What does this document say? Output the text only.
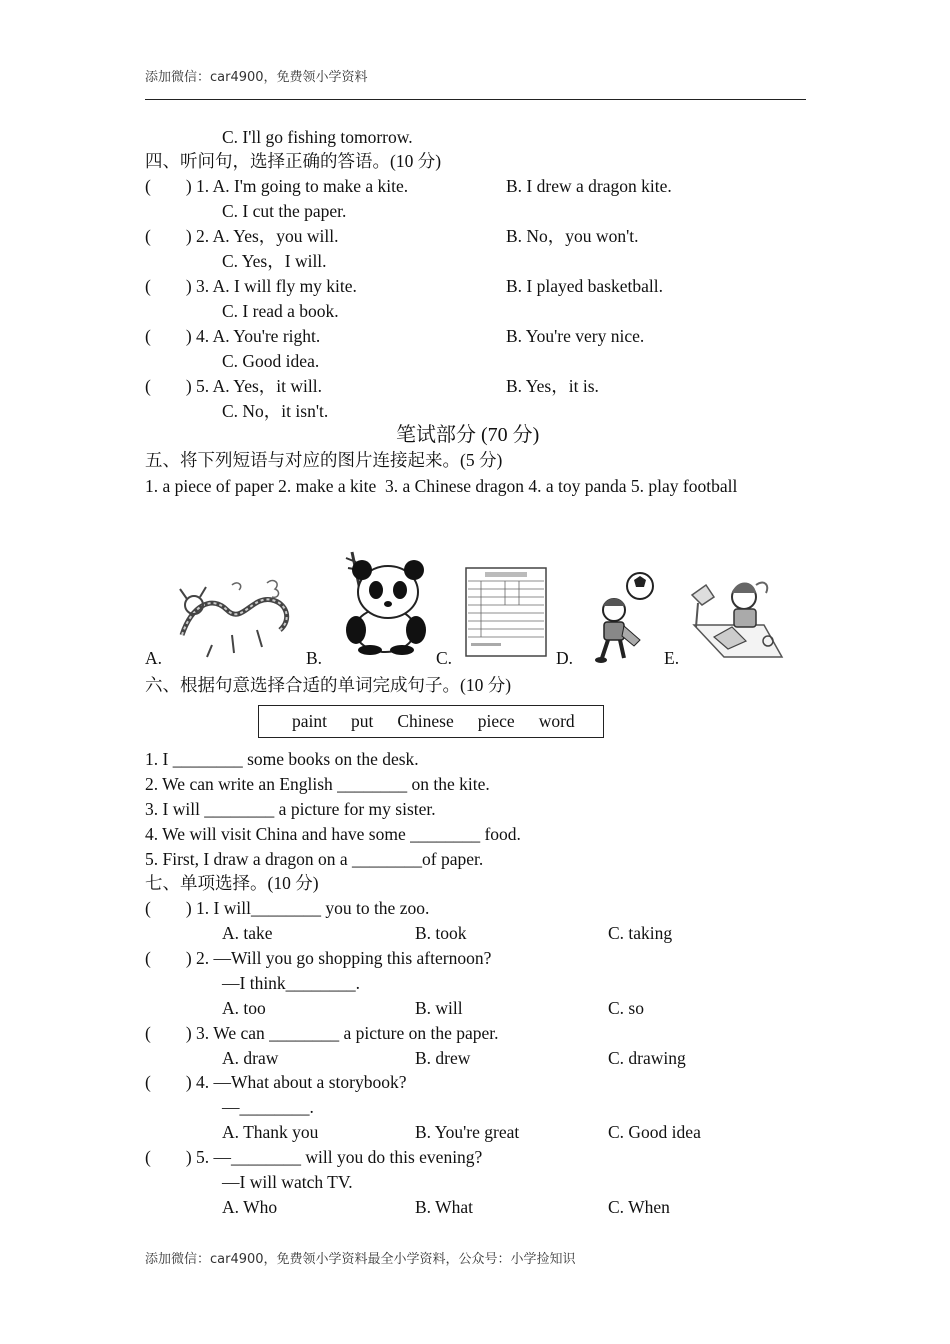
添加微信：car4900，免费领小学资料
C. I'll go fishing tomorrow.
四、听问句，选择正确的答语。(10 分)
(        ) 1. A. I'm going to make a kite.	B. I drew a dragon kite.
C. I cut the paper.
(        ) 2. A. Yes，you will.	B. No，you won't.
C. Yes，I will.
(        ) 3. A. I will fly my kite.	B. I played basketball.
C. I read a book.
(        ) 4. A. You're right.	B. You're very nice.
C. Good idea.
(        ) 5. A. Yes，it will.	B. Yes，it is.
C. No，it isn't.
笔试部分 (70 分)
五、将下列短语与对应的图片连接起来。(5 分)
1. a piece of paper 2. make a kite  3. a Chinese dragon 4. a toy panda 5. play football
A.	B.	C.	D.	E.
六、根据句意选择合适的单词完成句子。(10 分)
paint put Chinese piece word
1. I ________ some books on the desk.
2. We can write an English ________ on the kite.
3. I will ________ a picture for my sister.
4. We will visit China and have some ________ food.
5. First, I draw a dragon on a ________of paper.
七、单项选择。(10 分)
(        ) 1. I will________ you to the zoo.
A. take	B. took	C. taking
(        ) 2. —Will you go shopping this afternoon?
—I think________.
A. too	B. will	C. so
(        ) 3. We can ________ a picture on the paper.
A. draw	B. drew	C. drawing
(        ) 4. —What about a storybook?
—________.
A. Thank you	B. You're great	C. Good idea
(        ) 5. —________ will you do this evening?
—I will watch TV.
A. Who	B. What	C. When
添加微信：car4900，免费领小学资料最全小学资料，公众号：小学捡知识
